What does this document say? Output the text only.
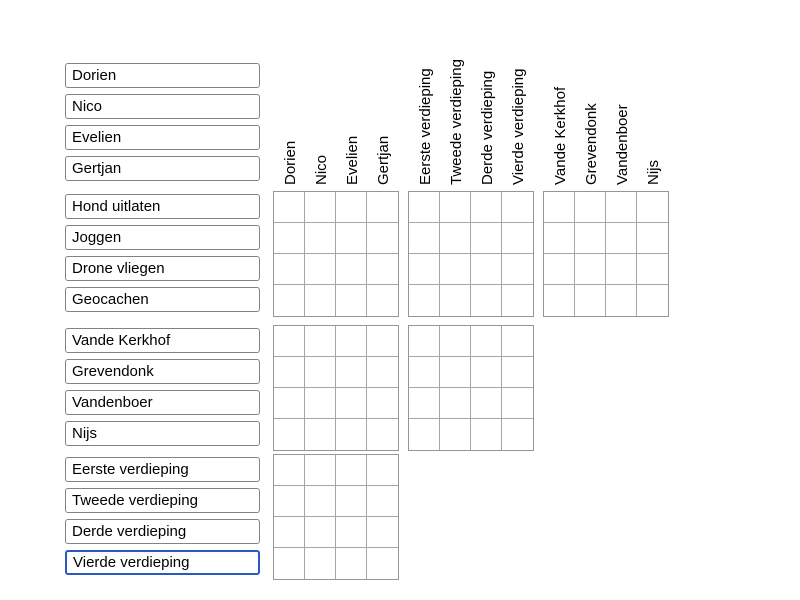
Dorien Nico Evelien Gertjan Eerste verdieping Tweede verdieping Derde verdieping Vierde verdieping Vande Kerkhof Grevendonk Vandenboer Nijs
Dorien
Nico
Evelien
Gertjan
Hond uitlaten
Joggen
Drone vliegen
Geocachen
Vande Kerkhof
Grevendonk
Vandenboer
Nijs
Eerste verdieping
Tweede verdieping
Derde verdieping
Vierde verdieping
